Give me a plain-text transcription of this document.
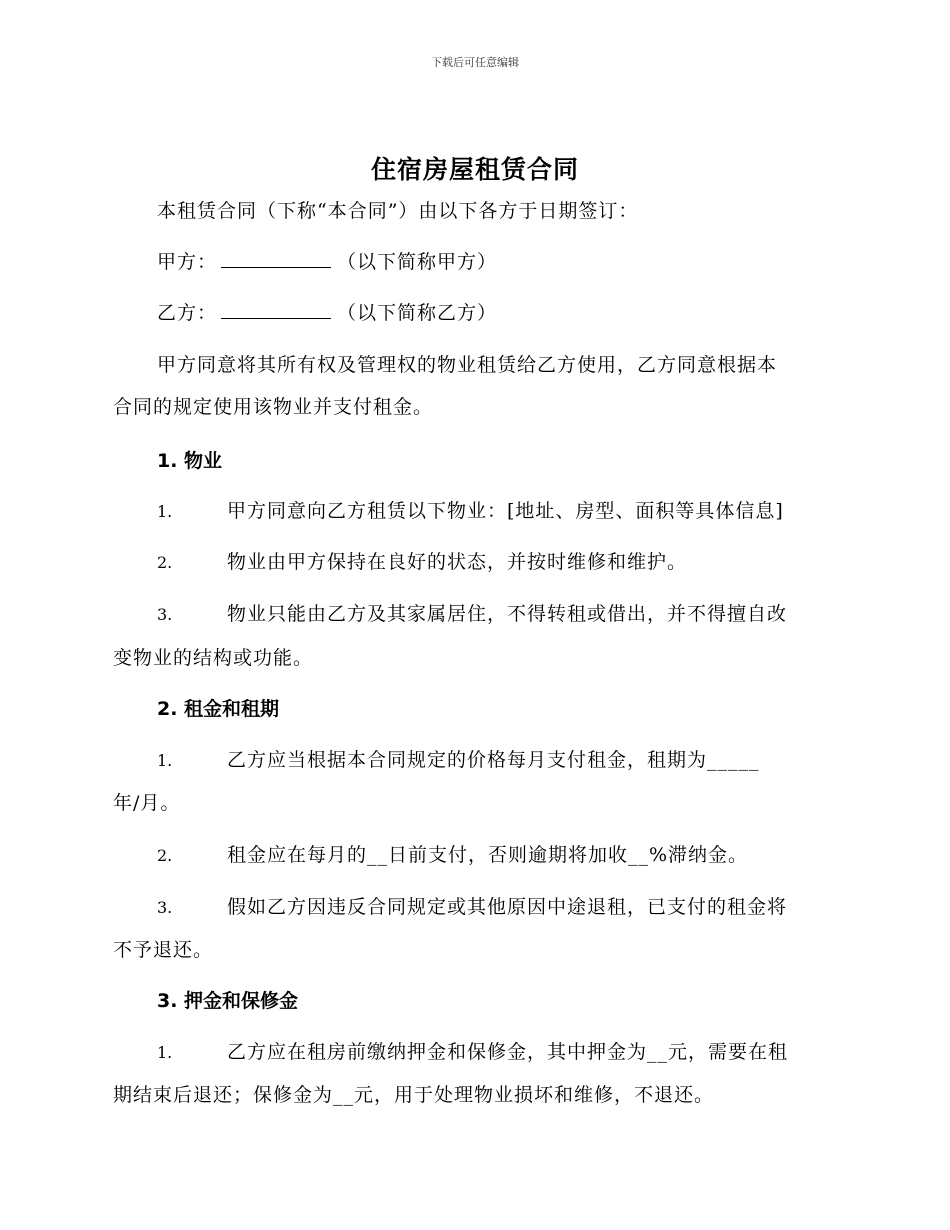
下载后可任意编辑
住宿房屋租赁合同
本租赁合同（下称“本合同”）由以下各方于日期签订：
甲方：	（以下简称甲方）
乙方：	（以下简称乙方）
甲方同意将其所有权及管理权的物业租赁给乙方使用，乙方同意根据本
合同的规定使用该物业并支付租金。
1. 物业
1.	甲方同意向乙方租赁以下物业：[地址、房型、面积等具体信息]
2.	物业由甲方保持在良好的状态，并按时维修和维护。
3.	物业只能由乙方及其家属居住，不得转租或借出，并不得擅自改
变物业的结构或功能。
2. 租金和租期
1.	乙方应当根据本合同规定的价格每月支付租金，租期为_____
年/月。
2.	租金应在每月的__日前支付，否则逾期将加收__%滞纳金。
3.	假如乙方因违反合同规定或其他原因中途退租，已支付的租金将
不予退还。
3. 押金和保修金
1.	乙方应在租房前缴纳押金和保修金，其中押金为__元，需要在租
期结束后退还；保修金为__元，用于处理物业损坏和维修，不退还。
